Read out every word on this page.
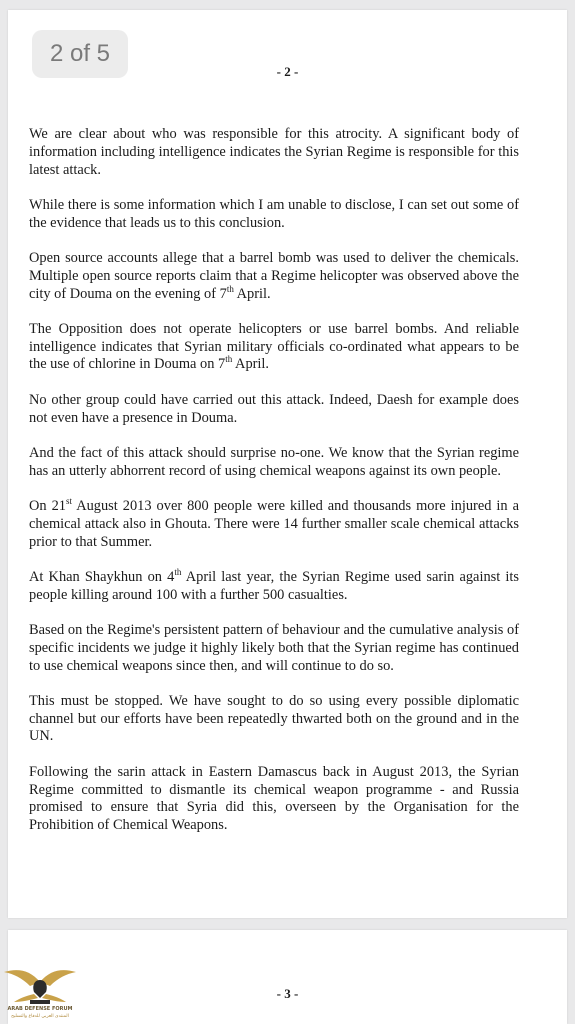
2 of 5
- 2 -

We are clear about who was responsible for this atrocity. A significant body of information including intelligence indicates the Syrian Regime is responsible for this latest attack.

While there is some information which I am unable to disclose, I can set out some of the evidence that leads us to this conclusion.

Open source accounts allege that a barrel bomb was used to deliver the chemicals. Multiple open source reports claim that a Regime helicopter was observed above the city of Douma on the evening of 7th April.

The Opposition does not operate helicopters or use barrel bombs. And reliable intelligence indicates that Syrian military officials co-ordinated what appears to be the use of chlorine in Douma on 7th April.

No other group could have carried out this attack. Indeed, Daesh for example does not even have a presence in Douma.

And the fact of this attack should surprise no-one. We know that the Syrian regime has an utterly abhorrent record of using chemical weapons against its own people.

On 21st August 2013 over 800 people were killed and thousands more injured in a chemical attack also in Ghouta. There were 14 further smaller scale chemical attacks prior to that Summer.

At Khan Shaykhun on 4th April last year, the Syrian Regime used sarin against its people killing around 100 with a further 500 casualties.

Based on the Regime's persistent pattern of behaviour and the cumulative analysis of specific incidents we judge it highly likely both that the Syrian regime has continued to use chemical weapons since then, and will continue to do so.

This must be stopped. We have sought to do so using every possible diplomatic channel but our efforts have been repeatedly thwarted both on the ground and in the UN.

Following the sarin attack in Eastern Damascus back in August 2013, the Syrian Regime committed to dismantle its chemical weapon programme - and Russia promised to ensure that Syria did this, overseen by the Organisation for the Prohibition of Chemical Weapons.

- 3 -
ARAB DEFENSE FORUM
المنتدى العربي للدفاع والتسليح
